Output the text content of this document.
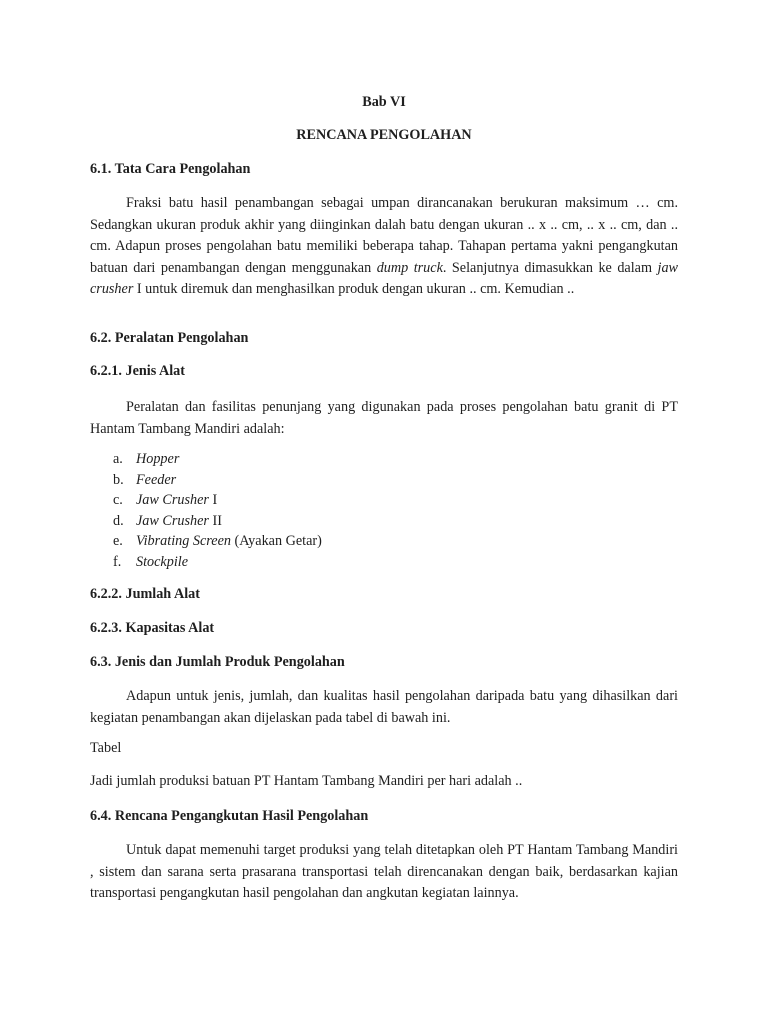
Bab VI
RENCANA PENGOLAHAN
6.1. Tata Cara Pengolahan

Fraksi batu hasil penambangan sebagai umpan dirancanakan berukuran maksimum … cm. Sedangkan ukuran produk akhir yang diinginkan dalah batu dengan ukuran .. x .. cm, .. x .. cm, dan .. cm. Adapun proses pengolahan batu memiliki beberapa tahap. Tahapan pertama yakni pengangkutan batuan dari penambangan dengan menggunakan dump truck. Selanjutnya dimasukkan ke dalam jaw crusher I untuk diremuk dan menghasilkan produk dengan ukuran .. cm. Kemudian ..

6.2. Peralatan Pengolahan
6.2.1. Jenis Alat

Peralatan dan fasilitas penunjang yang digunakan pada proses pengolahan batu granit di PT Hantam Tambang Mandiri adalah:

a. Hopper
b. Feeder
c. Jaw Crusher I
d. Jaw Crusher II
e. Vibrating Screen (Ayakan Getar)
f. Stockpile
6.2.2. Jumlah Alat
6.2.3. Kapasitas Alat
6.3. Jenis dan Jumlah Produk Pengolahan

Adapun untuk jenis, jumlah, dan kualitas hasil pengolahan daripada batu yang dihasilkan dari kegiatan penambangan akan dijelaskan pada tabel di bawah ini.

Tabel
Jadi jumlah produksi batuan PT Hantam Tambang Mandiri per hari adalah ..
6.4. Rencana Pengangkutan Hasil Pengolahan

Untuk dapat memenuhi target produksi yang telah ditetapkan oleh PT Hantam Tambang Mandiri , sistem dan sarana serta prasarana transportasi telah direncanakan dengan baik, berdasarkan kajian transportasi pengangkutan hasil pengolahan dan angkutan kegiatan lainnya.
